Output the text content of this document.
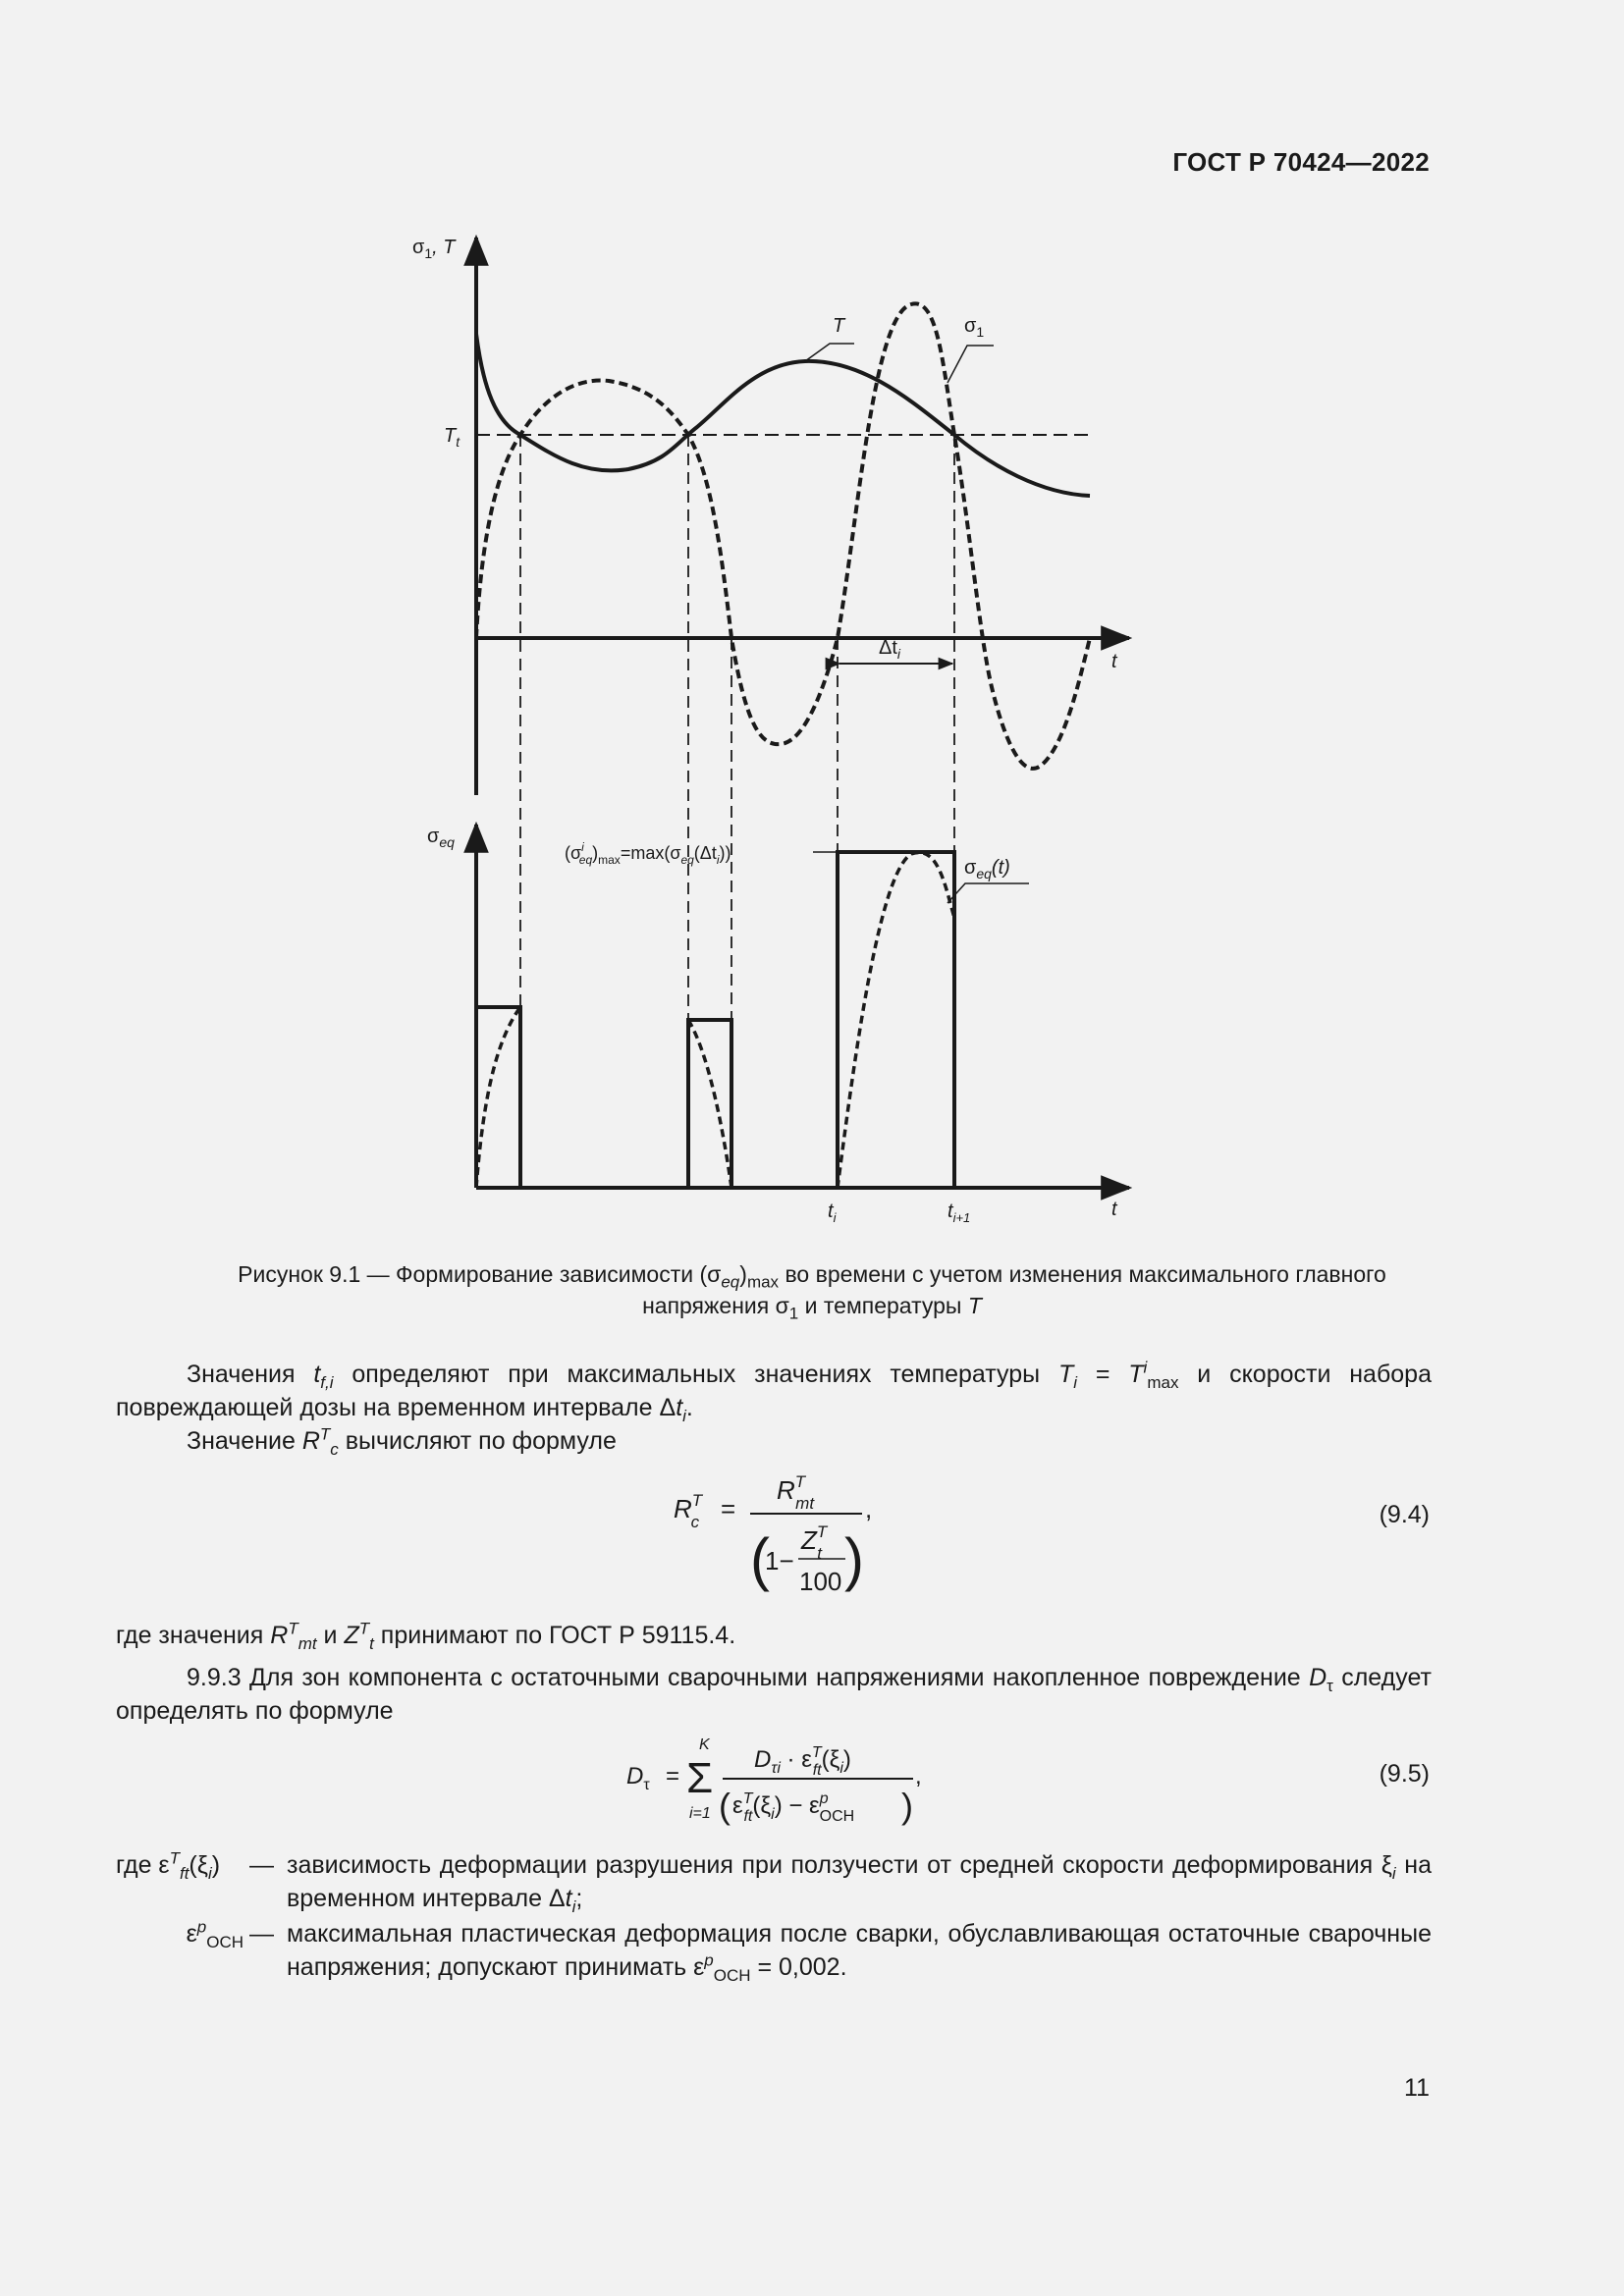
ГОСТ Р 70424—2022
$\sigma_1$, T
$T_t$
T	$\sigma_1$
t
$\Delta t_i$
$\sigma_{eq}$
($\sigma^i$ $eq)_{max}=\max(\sigma_{eq}(\Delta t_i))$
$\sigma_{eq}(t)$
$t_i$	$t_{i+1}$	t
Рисунок 9.1 — Формирование зависимости $(\sigma_{eq})_{max}$ во времени с учетом изменения максимального главного
напряжения $\sigma_1$ и температуры T
Значения $t_{f,i}$ определяют при максимальных значениях температуры $T_i = T^i_{max}$ и скорости набора повреждающей дозы на временном интервале $\Delta t_i$.
Значение $R^T_c$ вычисляют по формуле
$R^T$ c =
$R^T$ mt
(
1−
$Z^T$ t
100 )
,	(9.4)
где значения $R^T_{mt}$ и $Z^T_t$ принимают по ГОСТ Р 59115.4.
9.9.3 Для зон компонента с остаточными сварочными напряжениями накопленное повреждение $D_\tau$ следует определять по формуле
$D_\tau$ =
K
Σ
i=1
$D_{\tau i} \cdot \varepsilon^T$ $ft(\xi_i)$
( $\varepsilon^T$ $ft(\xi_i) - \varepsilon^p$ ОСН )
,	(9.5)
где $\varepsilon^T_{ft}(\xi_i)$	— зависимость деформации разрушения при ползучести от средней скорости деформирования $\xi_i$ на временном интервале $\Delta t_i$;
$\varepsilon^p_{ОСН}$ — максимальная пластическая деформация после сварки, обуславливающая остаточные сварочные напряжения; допускают принимать $\varepsilon^p_{ОСН} = 0,002$.
11
